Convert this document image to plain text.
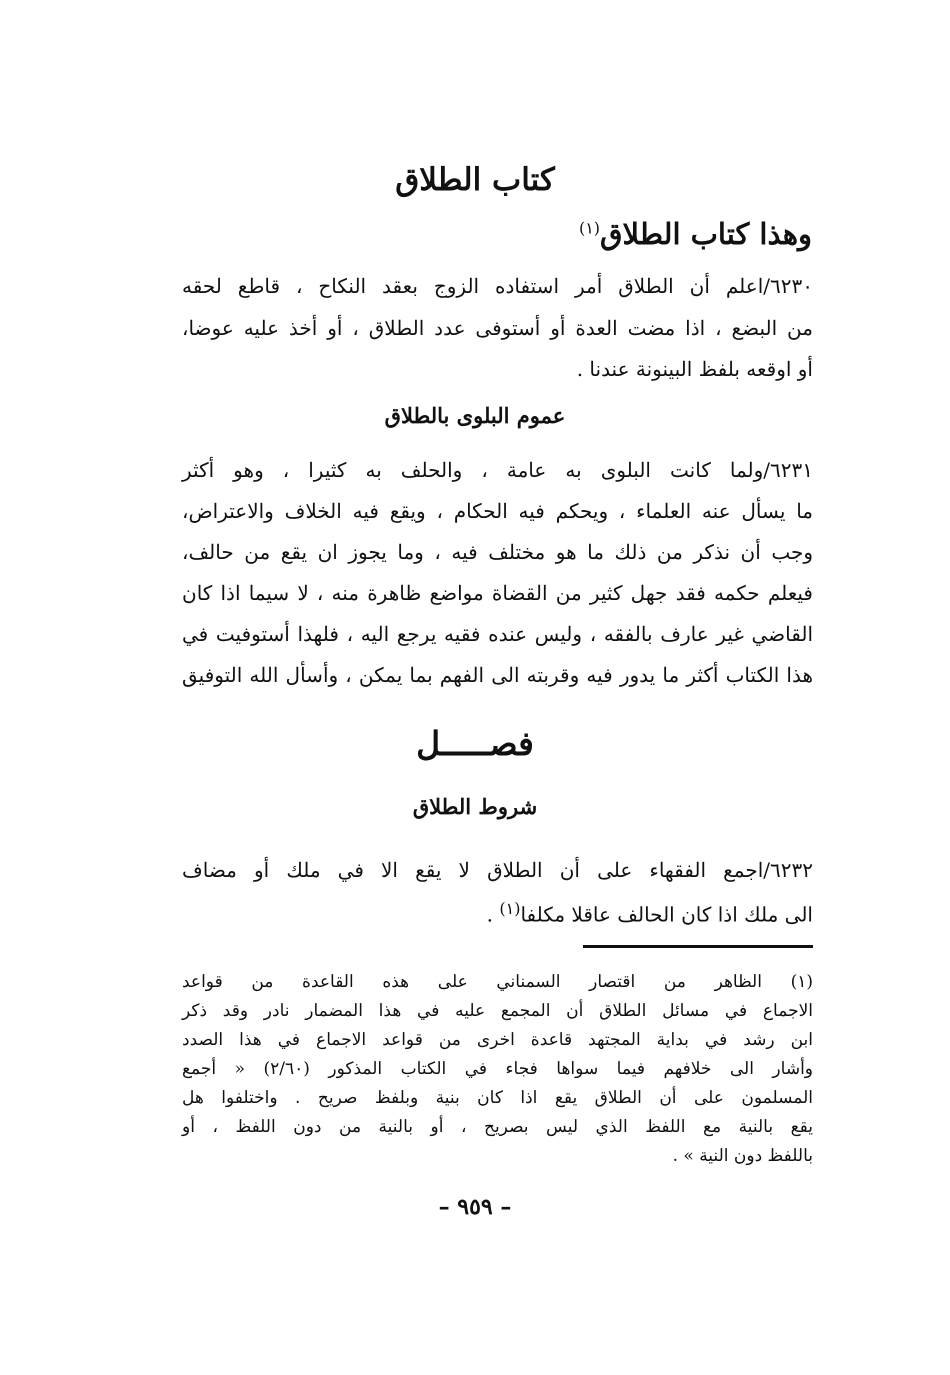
كتاب الطلاق
وهذا كتاب الطلاق$^{(١)}$
٦٢٣٠/اعلم أن الطلاق أمر استفاده الزوج بعقد النكاح ، قاطع لحقه
من البضع ، اذا مضت العدة أو أستوفى عدد الطلاق ، أو أخذ عليه عوضا،
أو اوقعه بلفظ البينونة عندنا .
عموم البلوى بالطلاق
٦٢٣١/ولما كانت البلوى به عامة ، والحلف به كثيرا ، وهو أكثر
ما يسأل عنه العلماء ، ويحكم فيه الحكام ، ويقع فيه الخلاف والاعتراض،
وجب أن نذكر من ذلك ما هو مختلف فيه ، وما يجوز ان يقع من حالف،
فيعلم حكمه فقد جهل كثير من القضاة مواضع ظاهرة منه ، لا سيما اذا كان
القاضي غير عارف بالفقه ، وليس عنده فقيه يرجع اليه ، فلهذا أستوفيت في
هذا الكتاب أكثر ما يدور فيه وقربته الى الفهم بما يمكن ، وأسأل الله التوفيق
فصـــــل
شروط الطلاق
٦٢٣٢/اجمع الفقهاء على أن الطلاق لا يقع الا في ملك أو مضاف
الى ملك اذا كان الحالف عاقلا مكلفا$^{(١)}$ .
(١) الظاهر من اقتصار السمناني على هذه القاعدة من قواعد
الاجماع في مسائل الطلاق أن المجمع عليه في هذا المضمار نادر وقد ذكر
ابن رشد في بداية المجتهد قاعدة اخرى من قواعد الاجماع في هذا الصدد
وأشار الى خلافهم فيما سواها فجاء في الكتاب المذكور (٢/٦٠) « أجمع
المسلمون على أن الطلاق يقع اذا كان بنية وبلفظ صريح . واختلفوا هل
يقع بالنية مع اللفظ الذي ليس بصريح ، أو بالنية من دون اللفظ ، أو
باللفظ دون النية » .
– ٩٥٩ –
